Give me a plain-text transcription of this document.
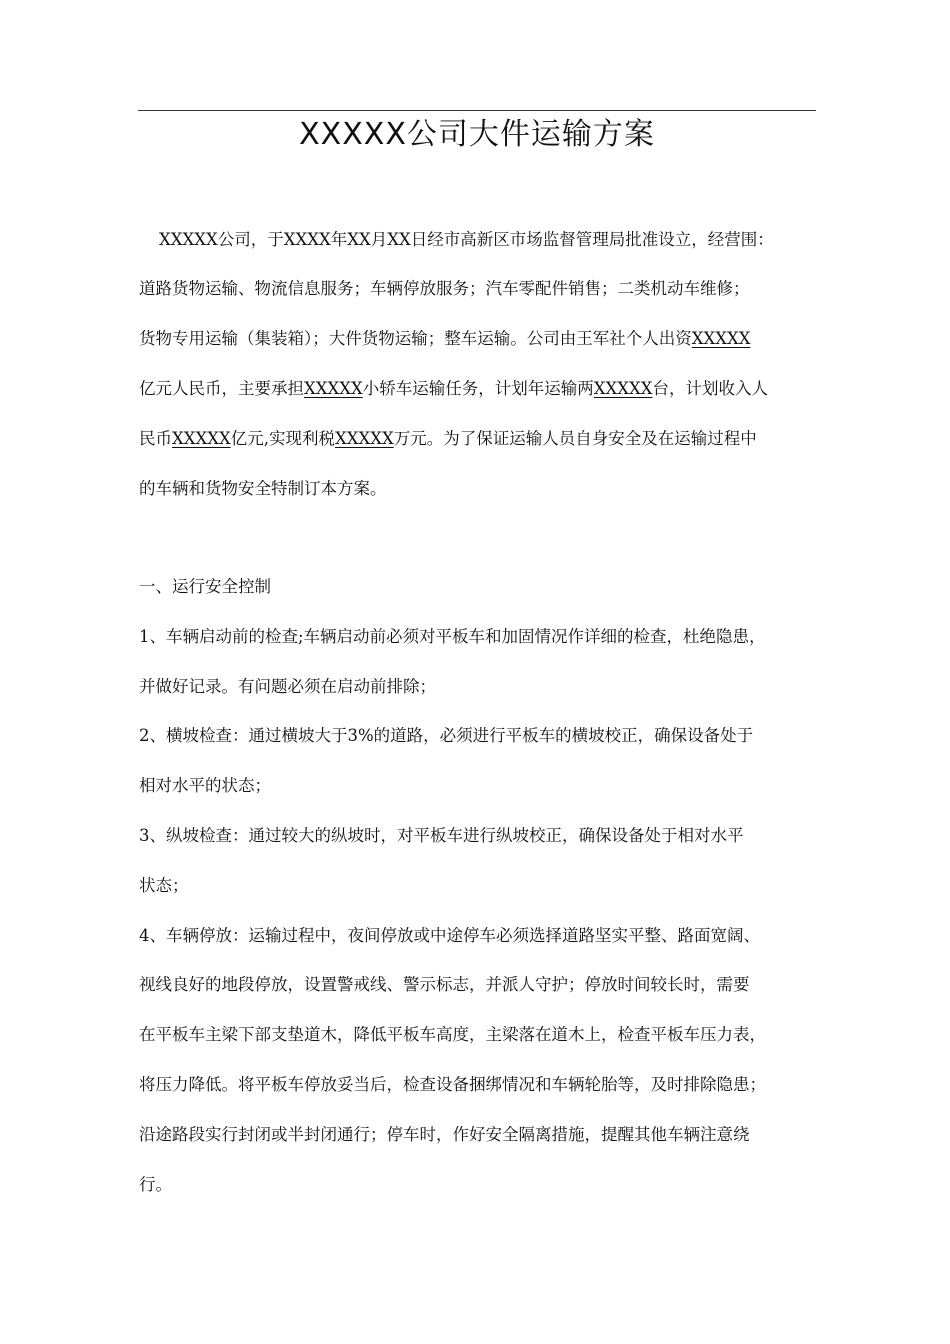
XXXXX公司大件运输方案
XXXXX公司，于XXXX年XX月XX日经市高新区市场监督管理局批准设立，经营围：
道路货物运输、物流信息服务；车辆停放服务；汽车零配件销售；二类机动车维修；
货物专用运输（集装箱）；大件货物运输；整车运输。公司由王军社个人出资XXXXX
亿元人民币，主要承担XXXXX小轿车运输任务，计划年运输两XXXXX台，计划收入人
民币XXXXX亿元,实现利税XXXXX万元。为了保证运输人员自身安全及在运输过程中
的车辆和货物安全特制订本方案。
一、运行安全控制
1、车辆启动前的检查;车辆启动前必须对平板车和加固情况作详细的检查，杜绝隐患，
并做好记录。有问题必须在启动前排除；
2、横坡检查：通过横坡大于3%的道路，必须进行平板车的横坡校正，确保设备处于
相对水平的状态；
3、纵坡检查：通过较大的纵坡时，对平板车进行纵坡校正，确保设备处于相对水平
状态；
4、车辆停放：运输过程中，夜间停放或中途停车必须选择道路坚实平整、路面宽阔、
视线良好的地段停放，设置警戒线、警示标志，并派人守护；停放时间较长时，需要
在平板车主梁下部支垫道木，降低平板车高度，主梁落在道木上，检查平板车压力表，
将压力降低。将平板车停放妥当后，检查设备捆绑情况和车辆轮胎等，及时排除隐患；
沿途路段实行封闭或半封闭通行；停车时，作好安全隔离措施，提醒其他车辆注意绕
行。
